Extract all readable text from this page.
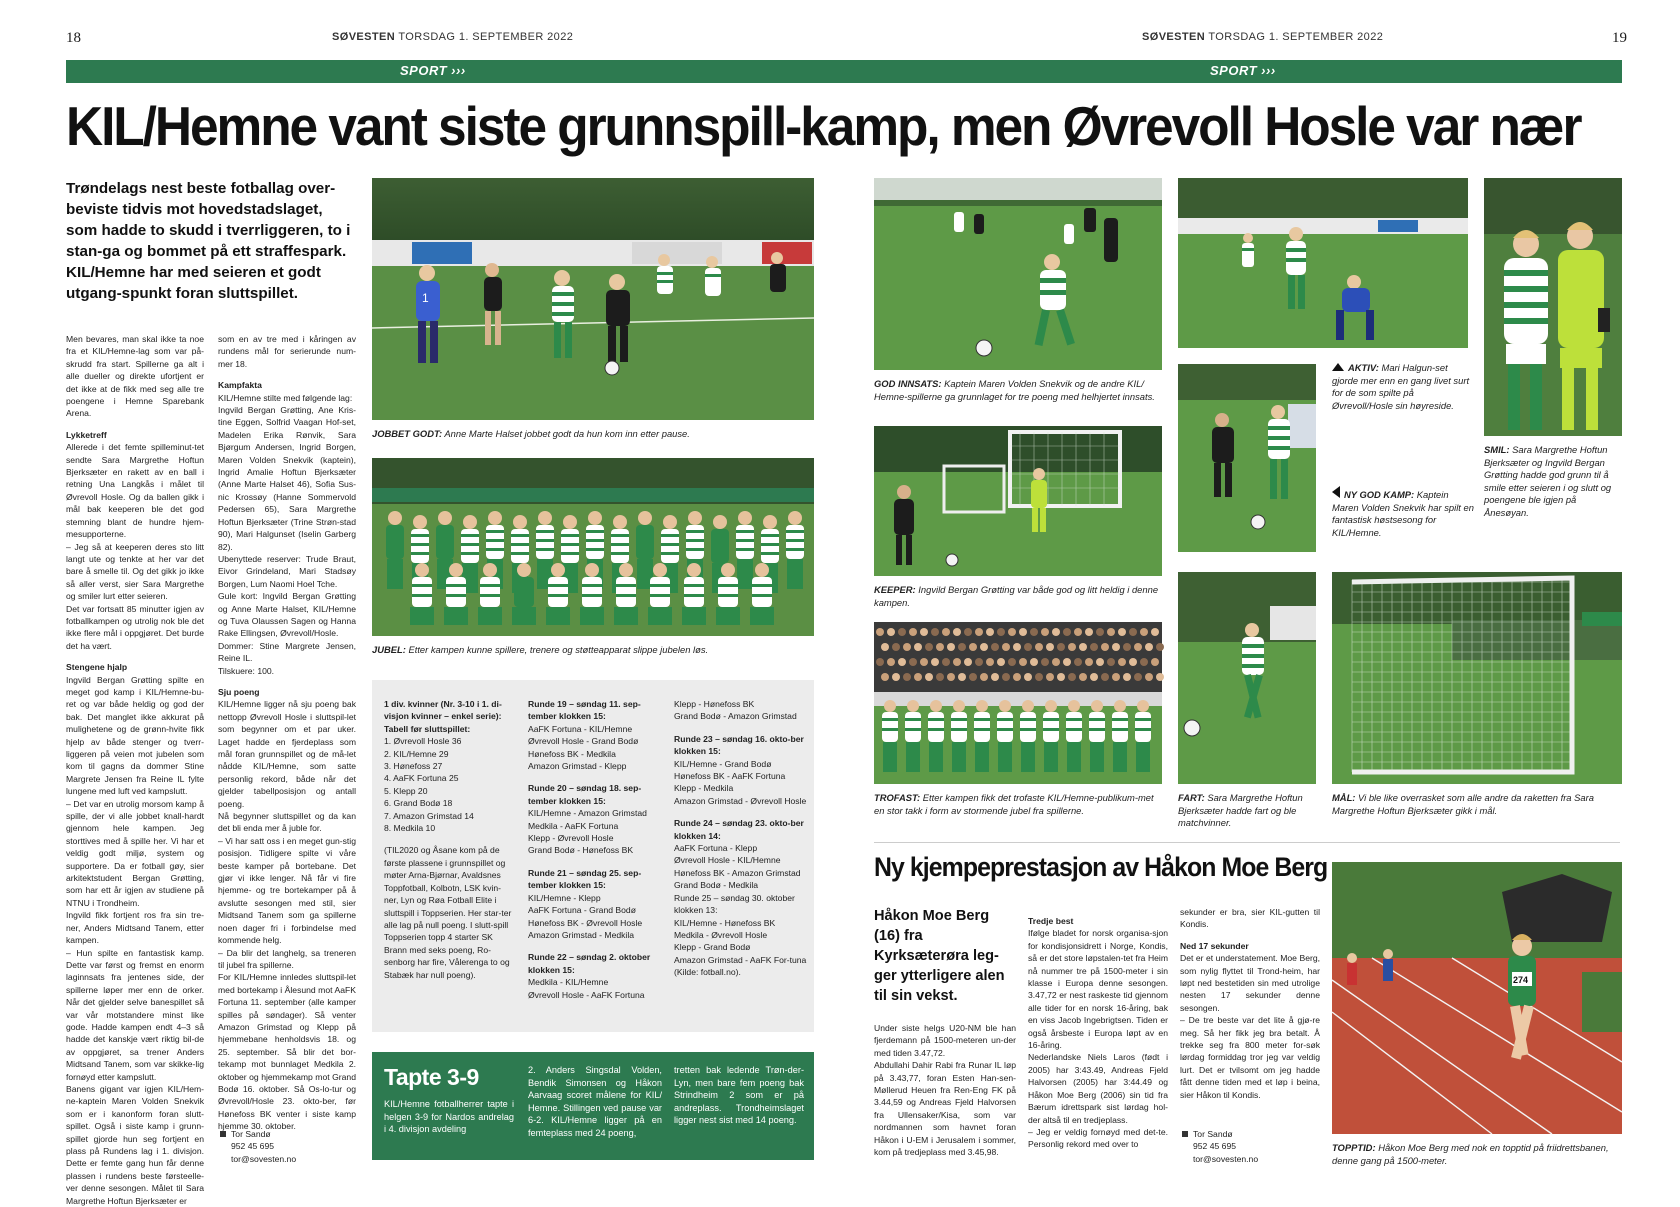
18	19
SØVESTEN TORSDAG 1. SEPTEMBER 2022	SØVESTEN TORSDAG 1. SEPTEMBER 2022
SPORT ›››	SPORT ›››
KIL/Hemne vant siste grunnspill-kamp, men Øvrevoll Hosle var nær
Trøndelags nest beste fotballag over-beviste tidvis mot hovedstadslaget, som hadde to skudd i tverrliggeren, to i stan-ga og bommet på ett straffespark. KIL/Hemne har med seieren et godt utgang-spunkt foran sluttspillet.

Men bevares, man skal ikke ta noe fra et KIL/Hemne-lag som var på-skrudd fra start. Spillerne ga alt i alle dueller og direkte ufortjent er det ikke at de fikk med seg alle tre poengene i Hemne Sparebank Arena.

Lykketreff

Allerede i det femte spilleminut-tet sendte Sara Margrethe Hoftun Bjerksæter en rakett av en ball i retning Una Langkås i målet til Øvrevoll Hosle. Og da ballen gikk i mål bak keeperen ble det god stemning blant de hundre hjem-mesupporterne.

– Jeg så at keeperen deres sto litt langt ute og tenkte at her var det bare å smelle til. Og det gikk jo ikke så aller verst, sier Sara Margrethe og smiler lurt etter seieren.

Det var fortsatt 85 minutter igjen av fotballkampen og utrolig nok ble det ikke flere mål i oppgjøret. Det burde det ha vært.

Stengene hjalp

Ingvild Bergan Grøtting spilte en meget god kamp i KIL/Hemne-bu-ret og var både heldig og god der bak. Det manglet ikke akkurat på mulighetene og de grønn-hvite fikk hjelp av både stenger og tverr-liggeren på veien mot jubelen som kom til gagns da dommer Stine Margrete Jensen fra Reine IL fylte lungene med luft ved kampslutt.

– Det var en utrolig morsom kamp å spille, der vi alle jobbet knall-hardt gjennom hele kampen. Jeg storttives med å spille her. Vi har et veldig godt miljø, system og supportere. Da er fotball gøy, sier arkitektstudent Bergan Grøtting, som har ett år igjen av studiene på NTNU i Trondheim.

Ingvild fikk fortjent ros fra sin tre-ner, Anders Midtsand Tanem, etter kampen.

– Hun spilte en fantastisk kamp. Dette var først og fremst en enorm laginnsats fra jentenes side, der spillerne løper mer enn de orker. Når det gjelder selve banespillet så var vår motstandere minst like gode. Hadde kampen endt 4–3 så hadde det kanskje vært riktig bil-de av oppgjøret, sa trener Anders Midtsand Tanem, som var skikke-lig fornøyd etter kampslutt.

Banens gigant var igjen KIL/Hem-ne-kaptein Maren Volden Snekvik som er i kanonform foran slutt-spillet. Også i siste kamp i grunn-spillet gjorde hun seg fortjent en plass på Rundens lag i 1. divisjon. Dette er femte gang hun får denne plassen i rundens beste førsteelle-ver denne sesongen. Målet til Sara Margrethe Hoftun Bjerksæter er

som en av tre med i kåringen av rundens mål for serierunde num-mer 18.

Kampfakta

KIL/Hemne stilte med følgende lag:

Ingvild Bergan Grøtting, Ane Kris-tine Eggen, Solfrid Vaagan Hof-set, Madelen Erika Rønvik, Sara Bjørgum Andersen, Ingrid Borgen, Maren Volden Snekvik (kaptein), Ingrid Amalie Hoftun Bjerksæter (Anne Marte Halset 46), Sofia Sus-nic Krossøy (Hanne Sommervold Pedersen 65), Sara Margrethe Hoftun Bjerksæter (Trine Strøn-stad 90), Mari Halgunset (Iselin Garberg 82).

Ubenyttede reserver: Trude Braut, Eivor Grindeland, Mari Stadsøy Borgen, Lum Naomi Hoel Tche.

Gule kort: Ingvild Bergan Grøtting og Anne Marte Halset, KIL/Hemne og Tuva Olaussen Sagen og Hanna Rake Ellingsen, Øvrevoll/Hosle.

Dommer: Stine Margrete Jensen, Reine IL.

Tilskuere: 100.

Sju poeng

KIL/Hemne ligger nå sju poeng bak nettopp Øvrevoll Hosle i sluttspil-let som begynner om et par uker. Laget hadde en fjerdeplass som mål foran grunnspillet og de må-let nådde KIL/Hemne, som satte personlig rekord, både når det gjelder tabellposisjon og antall poeng.

Nå begynner sluttspillet og da kan det bli enda mer å juble for.

– Vi har satt oss i en meget gun-stig posisjon. Tidligere spilte vi våre beste kamper på bortebane. Det gjør vi ikke lenger. Nå får vi fire hjemme- og tre bortekamper på å avslutte sesongen med stil, sier Midtsand Tanem som ga spillerne noen dager fri i forbindelse med kommende helg.

– Da blir det langhelg, sa treneren til jubel fra spillerne.

For KIL/Hemne innledes sluttspil-let med bortekamp i Ålesund mot AaFK Fortuna 11. september (alle kamper spilles på søndager). Så venter Amazon Grimstad og Klepp på hjemmebane henholdsvis 18. og 25. september. Så blir det bor-tekamp mot bunnlaget Medkila 2. oktober og hjemmekamp mot Grand Bodø 16. oktober. Så Os-lo-tur og Øvrevoll/Hosle 23. okto-ber, før Hønefoss BK venter i siste kamp hjemme 30. oktober.

Tor Sandø
952 45 695
tor@sovesten.no
1
JOBBET GODT: Anne Marte Halset jobbet godt da hun kom inn etter pause.
JUBEL: Etter kampen kunne spillere, trenere og støtteapparat slippe jubelen løs.
1 div. kvinner (Nr. 3-10 i 1. di-visjon kvinner – enkel serie): Tabell før sluttspillet:
1. Øvrevoll Hosle 36
2. KIL/Hemne 29
3. Hønefoss 27
4. AaFK Fortuna 25
5. Klepp 20
6. Grand Bodø 18
7. Amazon Grimstad 14
8. Medkila 10
(TIL2020 og Åsane kom på de første plassene i grunnspillet og møter Arna-Bjørnar, Avaldsnes Toppfotball, Kolbotn, LSK kvin-ner, Lyn og Røa Fotball Elite i sluttspill i Toppserien. Her star-ter alle lag på null poeng. I slutt-spill Toppserien topp 4 starter SK Brann med seks poeng, Ro-senborg har fire, Vålerenga to og Stabæk har null poeng).
Runde 19 – søndag 11. sep-tember klokken 15:
AaFK Fortuna - KIL/Hemne
Øvrevoll Hosle - Grand Bodø
Hønefoss BK - Medkila
Amazon Grimstad - Klepp
Runde 20 – søndag 18. sep-tember klokken 15:
KIL/Hemne - Amazon Grimstad
Medkila - AaFK Fortuna
Klepp - Øvrevoll Hosle
Grand Bodø - Hønefoss BK
Runde 21 – søndag 25. sep-tember klokken 15:
KIL/Hemne - Klepp
AaFK Fortuna - Grand Bodø
Hønefoss BK - Øvrevoll Hosle
Amazon Grimstad - Medkila
Runde 22 – søndag 2. oktober klokken 15:
Medkila - KIL/Hemne
Øvrevoll Hosle - AaFK Fortuna
Klepp - Hønefoss BK
Grand Bodø - Amazon Grimstad
Runde 23 – søndag 16. okto-ber klokken 15:
KIL/Hemne - Grand Bodø
Hønefoss BK - AaFK Fortuna
Klepp - Medkila
Amazon Grimstad - Øvrevoll Hosle
Runde 24 – søndag 23. okto-ber klokken 14:
AaFK Fortuna - Klepp
Øvrevoll Hosle - KIL/Hemne
Hønefoss BK - Amazon Grimstad
Grand Bodø - Medkila
Runde 25 – søndag 30. oktober klokken 13:
KIL/Hemne - Hønefoss BK
Medkila - Øvrevoll Hosle
Klepp - Grand Bodø
Amazon Grimstad - AaFK For-tuna
(Kilde: fotball.no).
Tapte 3-9
KIL/Hemne fotballherrer tapte i helgen 3-9 for Nardos andrelag i 4. divisjon avdeling
2. Anders Singsdal Volden, Bendik Simonsen og Håkon Aarvaag scoret målene for KIL/ Hemne. Stillingen ved pause var 6-2. KIL/Hemne ligger på en femteplass med 24 poeng,
tretten bak ledende Trøn-der-Lyn, men bare fem poeng bak Strindheim 2 som er på andreplass. Trondheimslaget ligger nest sist med 14 poeng.
GOD INNSATS: Kaptein Maren Volden Snekvik og de andre KIL/ Hemne-spillerne ga grunnlaget for tre poeng med helhjertet innsats.
SMIL: Sara Margrethe Hoftun Bjerksæter og Ingvild Bergan Grøtting hadde god grunn til å smile etter seieren i og slutt og poengene ble igjen på Ånesøyan.
AKTIV: Mari Halgun-set gjorde mer enn en gang livet surt for de som spilte på Øvrevoll/Hosle sin høyreside.
NY GOD KAMP: Kaptein Maren Volden Snekvik har spilt en fantastisk høstsesong for KIL/Hemne.
KEEPER: Ingvild Bergan Grøtting var både god og litt heldig i denne kampen.
TROFAST: Etter kampen fikk det trofaste KIL/Hemne-publikum-met en stor takk i form av stormende jubel fra spillerne.
FART: Sara Margrethe Hoftun Bjerksæter hadde fart og ble matchvinner.
MÅL: Vi ble like overrasket som alle andre da raketten fra Sara Margrethe Hoftun Bjerksæter gikk i mål.
Ny kjempeprestasjon av Håkon Moe Berg
Håkon Moe Berg (16) fra Kyrksæterøra leg-ger ytterligere alen til sin vekst.

Under siste helgs U20-NM ble han fjerdemann på 1500-meteren un-der med tiden 3.47,72.

Abdullahi Dahir Rabi fra Runar IL løp på 3.43,77, foran Esten Han-sen-Møllerud Heuen fra Ren-Eng FK på 3.44,59 og Andreas Fjeld Halvorsen fra Ullensaker/Kisa, som var nordmannen som havnet foran Håkon i U-EM i Jerusalem i sommer, kom på tredjeplass med 3.45,98.

Tredje best

Ifølge bladet for norsk organisa-sjon for kondisjonsidrett i Norge, Kondis, så er det store løpstalen-tet fra Heim nå nummer tre på 1500-meter i sin klasse i Europa denne sesongen. 3.47,72 er nest raskeste tid gjennom alle tider for en norsk 16-åring, bak en viss Jacob Ingebrigtsen. Tiden er også årsbeste i Europa løpt av en 16-åring.

Nederlandske Niels Laros (født i 2005) har 3:43.49, Andreas Fjeld Halvorsen (2005) har 3:44.49 og Håkon Moe Berg (2006) sin tid fra Bærum idrettspark sist lørdag hol-der altså til en tredjeplass.

– Jeg er veldig fornøyd med det-te. Personlig rekord med over to

sekunder er bra, sier KIL-gutten til Kondis.

Ned 17 sekunder

Det er et understatement. Moe Berg, som nylig flyttet til Trond-heim, har løpt ned bestetiden sin med utrolige nesten 17 sekunder denne sesongen.

– De tre beste var det lite å gjø-re meg. Så her fikk jeg bra betalt. Å trekke seg fra 800 meter for-søk lørdag formiddag tror jeg var veldig lurt. Det er tvilsomt om jeg hadde fått denne tiden med et løp i beina, sier Håkon til Kondis.

Tor Sandø
952 45 695
tor@sovesten.no
274
TOPPTID: Håkon Moe Berg med nok en topptid på friidrettsbanen, denne gang på 1500-meter.
